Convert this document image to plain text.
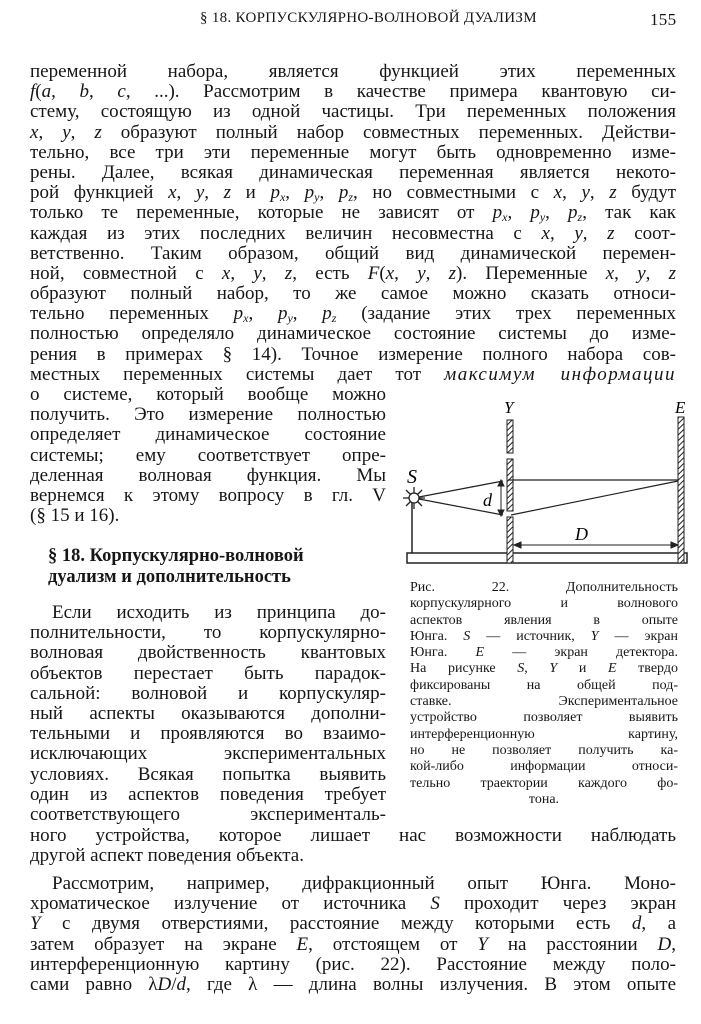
§ 18. КОРПУСКУЛЯРНО-ВОЛНОВОЙ ДУАЛИЗМ	155
переменной набора, является функцией этих переменных
f(a, b, c, ...). Рассмотрим в качестве примера квантовую си-
стему, состоящую из одной частицы. Три переменных положения
x, y, z образуют полный набор совместных переменных. Действи-
тельно, все три эти переменные могут быть одновременно изме-
рены. Далее, всякая динамическая переменная является некото-
рой функцией x, y, z и $p_x$, $p_y$, $p_z$, но совместными с x, y, z будут
только те переменные, которые не зависят от $p_x$, $p_y$, $p_z$, так как
каждая из этих последних величин несовместна с x, y, z соот-
ветственно. Таким образом, общий вид динамической перемен-
ной, совместной с x, y, z, есть F(x, y, z). Переменные x, y, z
образуют полный набор, то же самое можно сказать относи-
тельно переменных $p_x$, $p_y$, $p_z$ (задание этих трех переменных
полностью определяло динамическое состояние системы до изме-
рения в примерах § 14). Точное измерение полного набора сов-
местных переменных системы дает тот максимум информации
о системе, который вообще можно
получить. Это измерение полностью
определяет динамическое состояние
системы; ему соответствует опре-
деленная волновая функция. Мы
вернемся к этому вопросу в гл. V
(§ 15 и 16).
§ 18. Корпускулярно-волновой
дуализм и дополнительность
Если исходить из принципа до-
полнительности, то корпускулярно-
волновая двойственность квантовых
объектов перестает быть парадок-
сальной: волновой и корпускуляр-
ный аспекты оказываются дополни-
тельными и проявляются во взаимо-
исключающих экспериментальных
условиях. Всякая попытка выявить
один из аспектов поведения требует
соответствующего эксперименталь-
ного устройства, которое лишает нас возможности наблюдать
другой аспект поведения объекта.
Рассмотрим, например, дифракционный опыт Юнга. Моно-
хроматическое излучение от источника S проходит через экран
Y с двумя отверстиями, расстояние между которыми есть d, а
затем образует на экране E, отстоящем от Y на расстоянии D,
интерференционную картину (рис. 22). Расстояние между поло-
сами равно λD/d, где λ — длина волны излучения. В этом опыте
S
Y	E
d
D
Рис. 22. Дополнительность
корпускулярного и волнового
аспектов явления в опыте
Юнга. S — источник, Y — экран
Юнга. E — экран детектора.
На рисунке S, Y и E твердо
фиксированы на общей под-
ставке. Экспериментальное
устройство позволяет выявить
интерференционную картину,
но не позволяет получить ка-
кой-либо информации относи-
тельно траектории каждого фо-
тона.
